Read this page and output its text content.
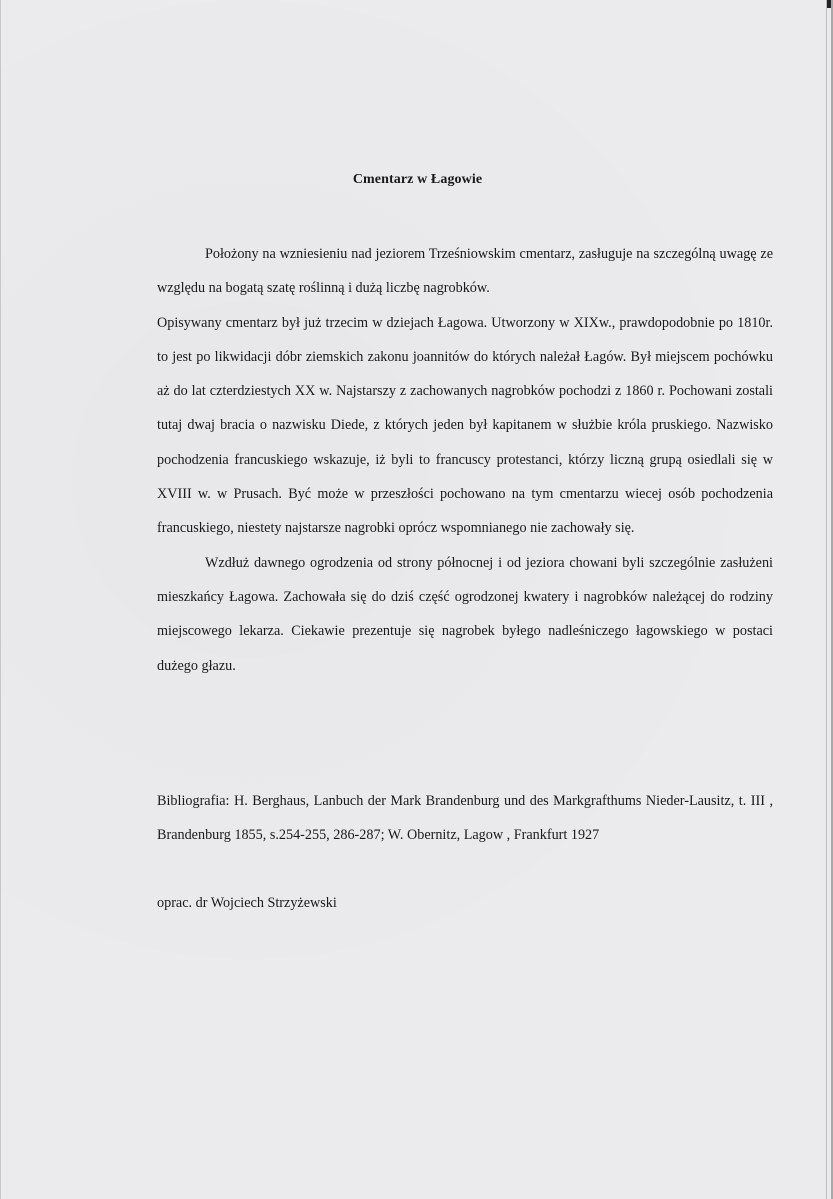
Cmentarz w Łagowie

Położony na wzniesieniu nad jeziorem Trześniowskim cmentarz, zasługuje na szczególną uwagę ze względu na bogatą szatę roślinną i dużą liczbę nagrobków.

Opisywany cmentarz był już trzecim w dziejach Łagowa. Utworzony w XIXw., prawdopodobnie po 1810r. to jest po likwidacji dóbr ziemskich zakonu joannitów do których należał Łagów. Był miejscem pochówku aż do lat czterdziestych XX w. Najstarszy z zachowanych nagrobków pochodzi z 1860 r. Pochowani zostali tutaj dwaj bracia o nazwisku Diede, z których jeden był kapitanem w służbie króla pruskiego. Nazwisko pochodzenia francuskiego wskazuje, iż byli to francuscy protestanci, którzy liczną grupą osiedlali się w XVIII w. w Prusach. Być może w przeszłości pochowano na tym cmentarzu wiecej osób pochodzenia francuskiego, niestety najstarsze nagrobki oprócz wspomnianego nie zachowały się.

Wzdłuż dawnego ogrodzenia od strony północnej i od jeziora chowani byli szczególnie zasłużeni mieszkańcy Łagowa. Zachowała się do dziś część ogrodzonej kwatery i nagrobków należącej do rodziny miejscowego lekarza. Ciekawie prezentuje się nagrobek byłego nadleśniczego łagowskiego w postaci dużego głazu.

Bibliografia: H. Berghaus, Lanbuch der Mark Brandenburg und des Markgrafthums Nieder-Lausitz, t. III , Brandenburg 1855, s.254-255, 286-287; W. Obernitz, Lagow , Frankfurt 1927

oprac. dr Wojciech Strzyżewski
